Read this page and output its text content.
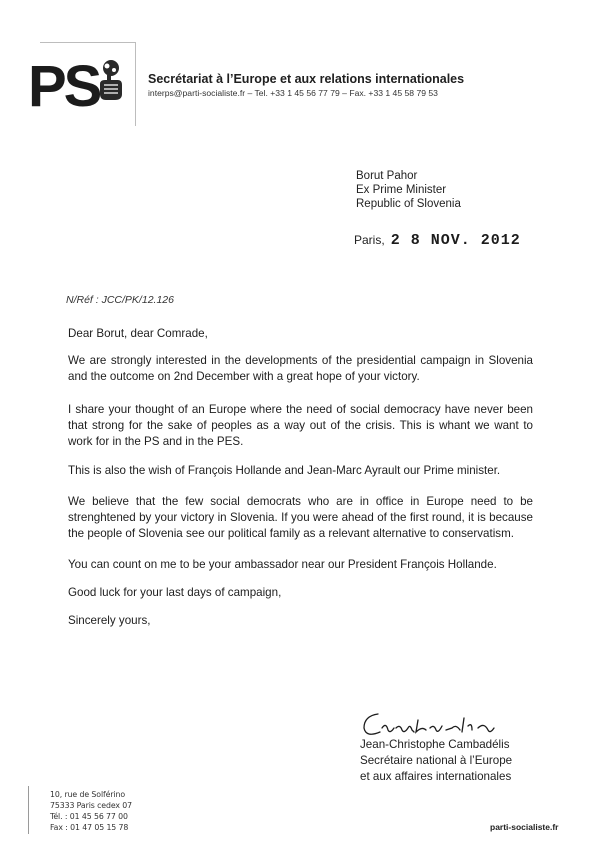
PS	Secrétariat à l’Europe et aux relations internationales
interps@parti-socialiste.fr – Tel. +33 1 45 56 77 79 – Fax. +33 1 45 58 79 53
Borut Pahor
Ex Prime Minister
Republic of Slovenia
Paris, 2 8 NOV. 2012
N/Réf : JCC/PK/12.126
Dear Borut, dear Comrade,
We are strongly interested in the developments of the presidential campaign in Slovenia and the outcome on 2nd December with a great hope of your victory.
I share your thought of an Europe where the need of social democracy have never been that strong for the sake of peoples as a way out of the crisis. This is whant we want to work for in the PS and in the PES.
This is also the wish of François Hollande and Jean-Marc Ayrault our Prime minister.
We believe that the few social democrats who are in office in Europe need to be strenghtened by your victory in Slovenia. If you were ahead of the first round, it is because the people of Slovenia see our political family as a relevant alternative to conservatism.
You can count on me to be your ambassador near our President François Hollande.
Good luck for your last days of campaign,
Sincerely yours,
Jean-Christophe Cambadélis
Secrétaire national à l’Europe
et aux affaires internationales
10, rue de Solférino
75333 Paris cedex 07
Tél. : 01 45 56 77 00
Fax : 01 47 05 15 78	parti-socialiste.fr
